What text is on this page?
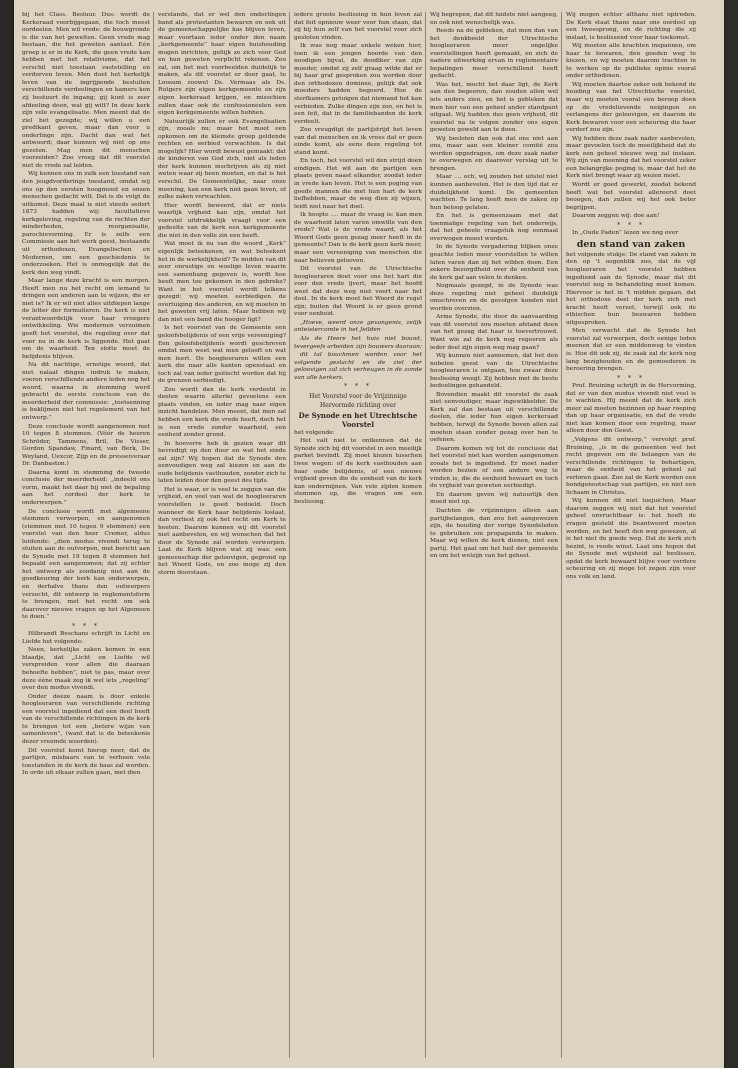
bij het Class. Besluur. Dus: wordt de Kerkeraad voorbijgegaan, die toch meest oordeelen. Men wil vrede: de bouwgronde is die van het gewelten. Geen vrede mag bestaan, die het geweten aantast. Eén groep is er in de Kerk, die geen vrede kan hebben met het relativisme, dat het verschil niet toestaan vaststelling en verdorven leven. Men doet het kerkelijk leven van de ingrijpende besluiten verschillende verdeelingen en kamers kon zij bestuurt de ingang; gij kunt is zeer afdeeling doen, wat gij wilt? In deze kerk zijn vele evangelisatie. Men meent dat de ziel het gezegde; wij willen u een predikant geven, maar dan voor u onderlinge zijn. Dacht dan wat het antwoord; daar kunnen wij niet op ons gezeten. Mag men dit menschen voorzeiden? Zoo vroeg dat dit voorstel niet de vrede zal leiden.

Wij kunnen ons in zulk een toestand van den jeugdvorderings toestand, omdat wij ons op den eersten hoogmoed en onzen menschen gedacht wilt. Dat is de volgt de uitkomst. Deze maal is niet steeds sedert 1873 hadden wij: facultatieve kerkgeleving, regeling van de rechten der minderheden, reorganisatie, parochievorming. Er is zelfs een Commissie aan het werk geest, bestaande uit orthodoxen, Evangelischen en Modernen, om een geschiedenis te onderzoeken. Het is onmogelijk dat de kerk den weg vindt.

Maar lange deze kracht is een morgen. Heeft men nu het recht om iemand te dringen een anderen aan te wijzen, die er niet is? Ik er wil niet alles uitdiepen lange de letter der formulieren. De kerk is niet verantwoordelijk voor haar vroegere ontwikkeling. Wie modernen verzuimen geeft het voorstel, die regeling over dat voor nu in de kerk is liggende. Het gaat om de waarheid. Ten slotte moet de belijdenis blijven.

Na dit nachtige, ernstige woord, dat niet nalaat dingen indruk te maken, voeren verschillende andere leden nog het woord, waarna in stemming werd gebracht de eerste conclusie van de meerderheid der commissie: „toetsenning is beklijmen niet het regelement van het ontwerp.”

Deze conclusie wordt aangenomen met 10 tegen 8 stemmen. (Vóór de heeren Schröder, Tammens, Bril, De Visser, Gordon Spandaw, Finard, van Berk, De Weyland, Uexcor, Zijp en de presseiveraar Dr. Danbaston.)

Daarna komt in stemming de tweede conclusie der meerderheid: „indeeld ons vorm, maakt het daar bij met de bepaling aan het cordeel der kerk te onderwerpen.”

De conclusie wordt met algemeene stemmen verworpen, en aangenomen (stemmen met 10 tegen 9 stemmen) een voorstel van den heer Cremer, aldus luidende: „dien modus vivendi terug te sluiten aan de outvorpen, met bericht aan de Synode met 19 tegen 8 stemmen het bepaald een aangenomen; dat zij echter het ontwerp als zoodanig niet aan de goedkeuring der kerk kan onderwerpen, en derhalve thans den outwerpers verzocht, dit ontwerp in reglementsform te brengen, met het recht om ook daarover nieuwe vragen op het Algemeen te doen.”

* * *

Hilbrandt Beschans schrijft in Licht en Liefde het volgende:

Neen, kerkelijke zaken komen in een blaadje, dat „Licht en Liefde wil verspreiden voor allen die daaraan behoefte hebben”, niet te pas, maar over deze ééne maak zeg ik wel iets „regeling” over den modus vivendi.

Onder deeze naam is door enkele hoogleeraren van verschillende richting een voorstel ingediend dat een deel heeft van de verschillende richtingen in de kerk te brengen tot een „betere wijze van samenleven”, (want dat is de beteekenis dezer vreemde woorden).

Dit voorstel komt hierop neer, dat de partijen, misbaars van te verheen vele toestanden in de kerk de baas zal worden. In orde uit elkaar zullen gaan, met dien

verstande, dat er wel den onderlingen band als protestanten bewaren en ook uit de gemeenschappelijke kas blijven leven, maar voortaan ieder onder den naam „kerkgemeente” haar eigen huishouding mogen inrichten, geliijk ze zich voor God en hun geweten verplicht rekenen. Zoo zal, om het met voorbeelden duidelijk te maken, als dit voorstel er door gaat, te Loosum zoowel Ds. Vermaas als Ds. Rutgers zijn eigen kerkgemeente en zijn eigen kerkeraad krijgen, en misschien zullen daar ook de confessioneelen een eigen kerkgemeente willen hebben.

Natuurlijk zullen er ook Evangelisatien zijn, zooals nu; maar het moet een opkomen om de kleinste groep geldende rechten en eerbied verwachten. Is dat mogelijk? Hier wordt bewust gemaakt: dat de kinderen van God zich, niet als leden der kerk kunnen inschrijven als zij niet weten waar zij heen moeten, en dat is het verschil. De Gemeentelijke, naar onze meening, kan een kerk niet gaan leven, of zulke zaken verwachten.

Hier wordt beweerd, dat er niets waarlijk vrijheid kan zijn, omdat het voorstel uitdrukkelijk vraagt voor een gedeelte van de kerk een kerkgemeente die niet in den volle zin een heeft.

Wat moet ik nu van die woord „Kerk” eigenlijk beteekenen, en wat beteekent het in de werkelijkheid? Te midden van dit zeer onrustige en woelige leven waarin een samenhang gegeven is, wordt hoe heeft men toe gekomen in den gebreke? Want in het voorstel wordt telkens gezegd: wij moeten eerbiedigen de overtuiging des anderen, en wij moeten in het geweten vrij laten. Maar hebben wij dan niet een band die hooger ligt?

Is het voorstel van de Gemeente een geloofsbelijdenis of een vrije vereeniging? Een geloofsbelijdenis wordt geschreven omdat men weet wat men gelooft en wat men leert. De hoogleeraren willen een kerk die naar alle kanten openstaat en toch zal van ieder geëischt worden dat hij de grenzen eerbiedigt.

Zoo wordt dan de kerk verdeeld in deelen waarin allerlei gevoelens een plaats vinden, en ieder mag naar eigen inzicht handelen. Men meent, dat men zal hebben een kerk die vrede heeft, doch het is een vrede zonder waarheid, een eenheid zonder grond.

In hoeverre heb ik gezien waar dit bevredigt op den duur en wat het einde zal zijn? Wij hopen dat de Synode den eenvoudigen weg zal kiezen en aan de oude belijdenis vasthouden, zonder zich te laten leiden door den geest des tijds.

Het is waar, er is veel te zeggen van die vrijheid, en veel van wat de hoogleeraren voorstellen is goed bedoeld. Doch wanneer de Kerk haar belijdenis loslaat, dan verliest zij ook het recht om Kerk te heeten. Daarom kunnen wij dit voorstel niet aanbevelen, en wij wenschen dat het door de Synode zal worden verworpen. Laat de Kerk blijven wat zij was: een gemeenschap der geloovigen, gegrond op het Woord Gods, en zoo moge zij den storm doorstaan.

iedere groote beslissing in hun leven zal dat feit opnieuw weer voor hun staan, dat zij bij hun zelf van het voorstel voor zich gesloten vinden.

Ik was nog maar enkele weken hier, toen ik een jongen hoorde van den noodigen bijval, de doodiker van zijn moeder, omdat zij zelf graag wilde dat er bij haar graf gesproken zou worden door den orthodoxen dominee, geliijk dat ook moeders hadden begeerd. Hoe de sterfkamers getuigen dat niemand het kan verbieden. Zulke dingen zijn zoo, en het is een feit, dat in de familiebanden de kerk verdeelt.

Zoo vreugdigt de partijstrijd het leven van dat menschen en ik vrees dat er geen einde komt, als eens deze regeling tot stand komt.

En toch, het voorstel wil den strijd doen eindigen. Het wil aan de partijen een plaats geven naast elkander, zoodat ieder in vrede kan leven. Het is een poging van goede mannen die met hun hart de kerk liefhebben, maar de weg dien zij wijzen, leidt niet naar het doel.

Ik hoopte .... maar de vraag is: kan men de waarheid laten varen omwille van den vrede? Wat is de vrede waard, als het Woord Gods geen gezag meer heeft in de gemeente? Dan is de kerk geen kerk meer, maar een vereeniging van menschen die naar believen gelooven.

Dit voorstel van de Utrechtsche hoogleeraren doet voor ons het hart die voor den vrede ijvert, maar het hoofd weet dat deze weg niet voert naar het doel. In de kerk moet het Woord de regel zijn; buiten dat Woord is er geen grond voor eenheid.

„Hoeve, weerd onze gevangenis, zelijk onteistercomte in het Jeilden

Als de Heere het huis niet bouwt, tevergeefs arbeiden zijn bouwers daaraan;

dit tal bouchmen worden voor het volgende geslacht en de ziel der geloovigen zal zich verheugen in de zonde van alle kerkers.

* * *

Het Voorstel voor de Vrijzinnige Hervormde richting over

De Synode en het Utrechtsche Voorstel

het volgende:

Het valt niet te ontkennen dat de Synode zich bij dit voorstel in een moeilijk parket bevindt. Zij moet kiezen tusschen twee wegen: of de kerk vasthouden aan haar oude belijdenis, of een nieuwe vrijheid geven die de eenheid van de kerk kan ondermijnen. Van vele zijden komen stemmen op, die vragen om een beslissing.

Wij begrepen, dat dit luidste niet aangeeg, en ook niet wenschelijk was.

Reeds na de gebleken, dat men dan van het denkbeeld der Utrechtsche hoogleeraren meer ongelijke voorstellingen heeft gemaakt, en zich de nadere uitwerking ervan in reglementaire bepalingen meer verschillend heeft gedacht.

Was het, mocht het daar ligt, de Kerk aan den begeeren, dan zouden allen wel iets anders zien, en het is gebleken dat men hier van een geheel ander standpunt uitgaat. Wij hadden dus geen vrijheid, dit voorstel na te volgen zonder ons eigen geweten geweld aan te doen.

Wij besloten dan ook dat ons niet aan ons, maar aan een kleiner comité zou worden opgedragen, om deze zaak nader te overwegen en daarover verslag uit te brengen.

Maar .... och, wij zouden het uitstel niet kunnen aanbevelen. Het is den tijd dat er duidelijkheid komt. De gemeenten wachten. Te lang heeft men de zaken op hun beloop gelaten.

En het is gemeenzaam met dat toenmalige regeling van het onderwijs, dat het geheele vraagstuk nog eenmaal overwogen moest worden.

In de Synode vergadering blijken onze geachte leden meer voorstellen te willen laten varen dan zij het wilden doen. Een zekere bezorgdheid over de eenheid van de kerk gaf aan velen te denken.

Nogmaals gezegd, in de Synode was deze regeling niet geheel duidelijk omschreven en de gevolgen konden niet worden overzien.

Arme Synode, die door de aanvaarding van dit voorstel zou moeten afstand doen van het gezag dat haar is toevertrouwd. Want wie zal de kerk nog regeeren als ieder deel zijn eigen weg mag gaan?

Wij kunnen niet aannemen, dat het den nobelen geest van de Utrechtsche hoogleeraren is ontgaan, hoe zwaar deze beslissing weegt. Zij hebben met de beste bedoelingen gehandeld.

Bovendien maakt dit voorstel de zaak niet eenvoudiger, maar ingewikkelder. De Kerk zal dan bestaan uit verschillende deelen, die ieder hun eigen kerkeraad hebben, terwijl de Synode boven allen zal moeten staan zonder gezag over hen te oefenen.

Daarom komen wij tot de conclusie dat het voorstel niet kan worden aangenomen zooals het is ingediend. Er moet nader worden bezien of een andere weg te vinden is, die de eenheid bewaart en toch de vrijheid van geweten eerbiedigt.

En daarom geven wij natuurlijk den moed niet op.

Dachten de vrijzinnigen alleen aan partijbelangen, dan zou het aangewezen zijn, de houding der vorige Synodeleden te gebruiken om propaganda te maken. Maar wij willen de kerk dienen, niet een partij. Het gaat om het heil der gemeente en om het welzijn van het geheel.

Wij mogen echter althans niet optreden. De Kerk staat thans naar ons oordeel op een tweesprong, en de richting die zij inslaat, is beslissend voor haar toekomst.

Wij moeten alle krachten inspannen, om haar te bewaren, den goeden weg te kiezen, en wij moeten daarom trachten in te werken op de publieke opinie vooral onder orthodoxen.

Wij moeten daartoe zeker ook bekend de houding van het Utrechtsche voorstel, maar wij moeten vooral een beroep doen op de vredelievende neigingen en verlangens der geloovigen, en daarom de Kerk bewaren voor een scheuring die haar verderf zou zijn.

Wij hebben deze zaak nader aanbevolen, maar gevoelen toch de moeilijkheid dat de kerk een geheel nieuwe weg zal inslaan. Wij zijn van meening dat het voorstel zeker een belangrijke poging is, maar dat het de Kerk niet brengt waar zij wezen moet.

Wordt er goed gewerkt, zoodat bekend heeft wat het voorstel allereerst doet beoogen, dan zullen wij het ook beter begrijpen.

Daarom zeggen wij: doe aan!

* * *

In „Oude Paden” lezen we nog over

den stand van zaken

het volgende stukje: De stand van zaken in den op 't oogenblik zoo, dat de vijf hoogleeraren het voorstel hebben ingediend aan de Synode, maar dat dit voorstel nog in behandeling moet komen. Hiervoor is het in 't midden gegaan, dat het orthodoxe deel der kerk zich met kracht heeft verzet, terwijl ook de ethischen hun bezwaren hebben uitgesproken.

Men verwacht dat de Synode het voorstel zal verwerpen, doch eenige leden meenen dat er een middenweg te vinden is. Hoe dit ook zij, de zaak zal de kerk nog lang bezighouden en de gemoederen in beroering brengen.

* * *

Prof. Bruining schrijft in de Hervorming, dat er van den modus vivendi niet veel is te wachten. Hij meent dat de kerk zich meer zal moeten bezinnen op haar roeping dan op haar organisatie, en dat de vrede niet kan komen door een regeling, maar alleen door den Geest.

„Volgens dit ontwerp,” vervolgt prof. Bruining, „is in de gemeenten wel het recht gegeven om de belangen van de verschillende richtingen te behartigen, maar de eenheid van het geheel zal verloren gaan. Zoo zal de Kerk worden een bondgenootschap van partijen, en niet een lichaam in Christus.

Wij kunnen dit niet toejuichen. Maar daarom zeggen wij niet dat het voorstel geheel onvruchtbaar is: het heeft de vragen gesteld die beantwoord moeten worden, en het heeft den weg gewezen, al is het niet de goede weg. Dat de kerk zich bezint, is reeds winst. Laat ons hopen dat de Synode met wijsheid zal beslissen, opdat de kerk bewaard blijve voor verdere scheuring en zij moge tot zegen zijn voor ons volk en land.
